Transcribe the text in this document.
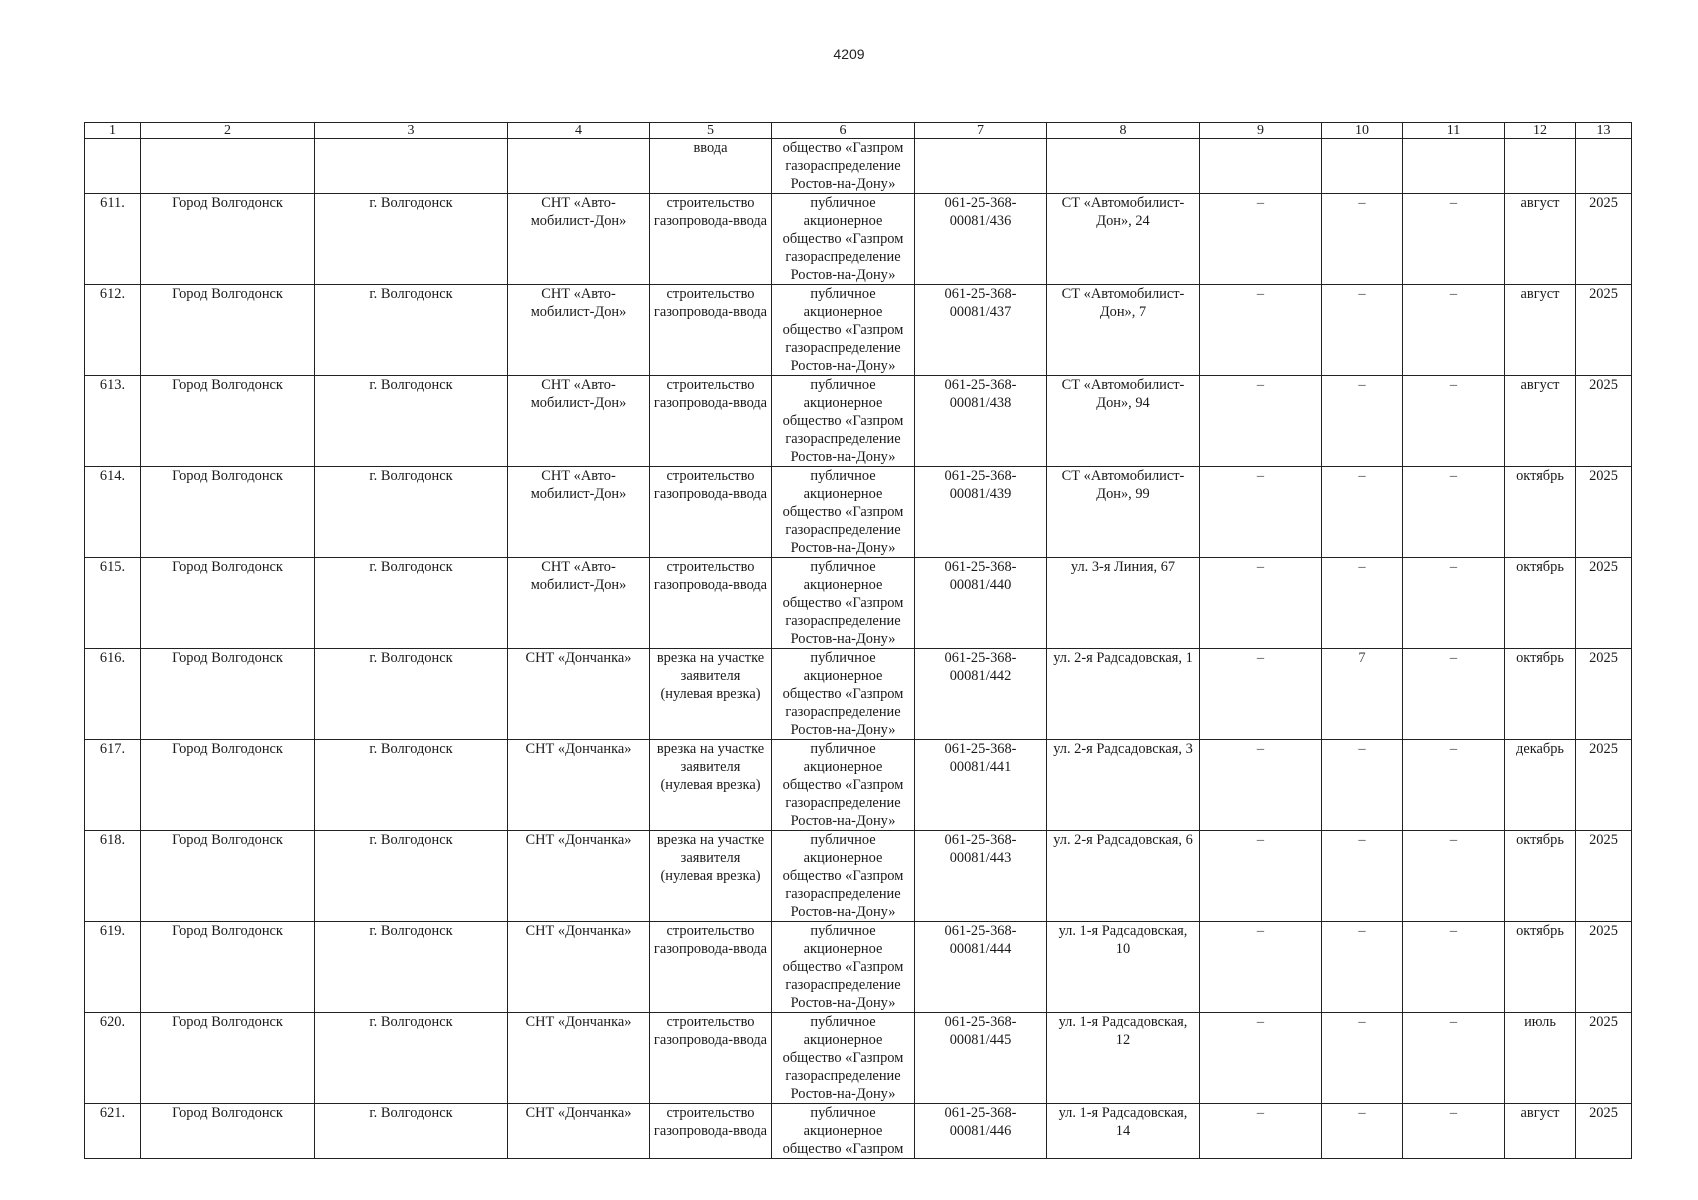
4209
1	2	3	4	5	6	7	8	9	10	11	12	13
				ввода	общество «Газпром газораспределение Ростов-на-Дону»							
611.	Город Волгодонск	г. Волгодонск	СНТ «Авто-мобилист-Дон»	строительство газопровода-ввода	публичное акционерное общество «Газпром газораспределение Ростов-на-Дону»	061-25-368-00081/436	СТ «Автомобилист-Дон», 24	–	–	–	август	2025
612.	Город Волгодонск	г. Волгодонск	СНТ «Авто-мобилист-Дон»	строительство газопровода-ввода	публичное акционерное общество «Газпром газораспределение Ростов-на-Дону»	061-25-368-00081/437	СТ «Автомобилист-Дон», 7	–	–	–	август	2025
613.	Город Волгодонск	г. Волгодонск	СНТ «Авто-мобилист-Дон»	строительство газопровода-ввода	публичное акционерное общество «Газпром газораспределение Ростов-на-Дону»	061-25-368-00081/438	СТ «Автомобилист-Дон», 94	–	–	–	август	2025
614.	Город Волгодонск	г. Волгодонск	СНТ «Авто-мобилист-Дон»	строительство газопровода-ввода	публичное акционерное общество «Газпром газораспределение Ростов-на-Дону»	061-25-368-00081/439	СТ «Автомобилист-Дон», 99	–	–	–	октябрь	2025
615.	Город Волгодонск	г. Волгодонск	СНТ «Авто-мобилист-Дон»	строительство газопровода-ввода	публичное акционерное общество «Газпром газораспределение Ростов-на-Дону»	061-25-368-00081/440	ул. 3-я Линия, 67	–	–	–	октябрь	2025
616.	Город Волгодонск	г. Волгодонск	СНТ «Дончанка»	врезка на участке заявителя (нулевая врезка)	публичное акционерное общество «Газпром газораспределение Ростов-на-Дону»	061-25-368-00081/442	ул. 2-я Радсадовская, 1	–	7	–	октябрь	2025
617.	Город Волгодонск	г. Волгодонск	СНТ «Дончанка»	врезка на участке заявителя (нулевая врезка)	публичное акционерное общество «Газпром газораспределение Ростов-на-Дону»	061-25-368-00081/441	ул. 2-я Радсадовская, 3	–	–	–	декабрь	2025
618.	Город Волгодонск	г. Волгодонск	СНТ «Дончанка»	врезка на участке заявителя (нулевая врезка)	публичное акционерное общество «Газпром газораспределение Ростов-на-Дону»	061-25-368-00081/443	ул. 2-я Радсадовская, 6	–	–	–	октябрь	2025
619.	Город Волгодонск	г. Волгодонск	СНТ «Дончанка»	строительство газопровода-ввода	публичное акционерное общество «Газпром газораспределение Ростов-на-Дону»	061-25-368-00081/444	ул. 1-я Радсадовская, 10	–	–	–	октябрь	2025
620.	Город Волгодонск	г. Волгодонск	СНТ «Дончанка»	строительство газопровода-ввода	публичное акционерное общество «Газпром газораспределение Ростов-на-Дону»	061-25-368-00081/445	ул. 1-я Радсадовская, 12	–	–	–	июль	2025
621.	Город Волгодонск	г. Волгодонск	СНТ «Дончанка»	строительство газопровода-ввода	публичное акционерное общество «Газпром	061-25-368-00081/446	ул. 1-я Радсадовская, 14	–	–	–	август	2025
